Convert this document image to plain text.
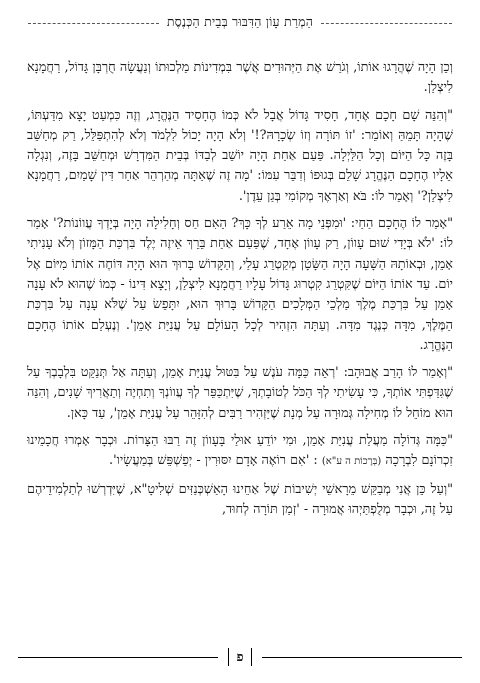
הַמְרַת עָוֹן הַדִּבּוּר בְּבֵית הַכְּנֶסֶת

וְכֵן הָיָה שֶׁהֲרָגוּ אוֹתוֹ, וְגֹרַשׁ אֶת הַיְּהוּדִים אֲשֶׁר בִּמְדִינוֹת מַלְכוּתוֹ וְנַעֲשָׂה חֻרְבָּן גָּדוֹל, רַחֲמָנָא לִיצְלַן.

"וְהִנֵּה שָׁם חָכָם אֶחָד, חָסִיד גָּדוֹל אֲבָל לֹא כְּמוֹ הֶחָסִיד הַנֶּהֱרָג, וְזֶה כִּמְעַט יָצָא מִדַּעְתּוֹ, שֶׁהָיָה תָּמֵהַּ וְאוֹמֵר: 'זוֹ תּוֹרָה וְזוֹ שְׂכָרָהּ?!' וְלֹא הָיָה יָכוֹל לִלְמֹד וְלֹא לְהִתְפַּלֵּל, רַק מְחַשֵּׁב בָּזֶה כָּל הַיּוֹם וְכָל הַלַּיְלָה. פַּעַם אַחַת הָיָה יוֹשֵׁב לְבַדּוֹ בְּבֵית הַמִּדְרָשׁ וּמְחַשֵּׁב בָּזֶה, וְנִגְלָה אֵלָיו הֶחָכָם הַנֶּהֱרָג שָׁלֵם בְּגוּפוֹ וְדִבֵּר עִמּוֹ: 'מָה זֶה שֶׁאַתָּה מְהַרְהֵר אַחַר דִּין שָׁמַיִם, רַחֲמָנָא לִיצְלַן?' וְאָמַר לוֹ: בֹּא וְאַרְאֶךָ מְקוֹמִי בְּגַן עֵדֶן'.

"אָמַר לוֹ הֶחָכָם הַחַי: 'וּמִפְּנֵי מָה אֵרַע לְךָ כָּךְ? הַאִם חַס וְחָלִילָה הָיָה בְּיָדְךָ עֲווֹנוֹת?' אָמַר לוֹ: 'לֹא בְּיָדִי שׁוּם עָווֹן, רַק עָווֹן אֶחָד, שֶׁפַּעַם אַחַת בֵּרֵךְ אֵיזֶה יֶלֶד בִּרְכַּת הַמָּזוֹן וְלֹא עָנִיתִי אָמֵן, וּבְאוֹתָהּ הַשָּׁעָה הָיָה הַשָּׂטָן מְקַטְרֵג עָלַי, וְהַקָּדוֹשׁ בָּרוּךְ הוּא הָיָה דּוֹחֶה אוֹתוֹ מִיּוֹם אֶל יוֹם. עַד אוֹתוֹ הַיּוֹם שֶׁקִּטְרֵג קִטְרוּג גָּדוֹל עָלָיו רַחֲמָנָא לִיצְלַן, וְיָצָא דִּינוֹ - כְּמוֹ שֶׁהוּא לֹא עָנָה אָמֵן עַל בִּרְכַּת מֶלֶךְ מַלְכֵי הַמְּלָכִים הַקָּדוֹשׁ בָּרוּךְ הוּא, יִתָּפֵשׂ עַל שֶׁלֹּא עָנָה עַל בִּרְכַּת הַמֶּלֶךְ, מִדָּה כְּנֶגֶד מִדָּה. וְעַתָּה הִזְהִיר לְכָל הָעוֹלָם עַל עֲנִיַּת אָמֵן'. וְנֶעְלַם אוֹתוֹ הֶחָכָם הַנֶּהֱרָג.

"וְאָמַר לוֹ הָרַב אֲבוּהָב: 'רְאֵה כַּמָּה עֹנֶשׁ עַל בִּטּוּל עֲנִיַּת אָמֵן, וְעַתָּה אַל תְּנַקֵּט בִּלְבָבְךָ עַל שֶׁגִּדַּפְתִּי אוֹתְךָ, כִּי עָשִׂיתִי לְךָ הַכֹּל לְטוֹבָתְךָ, שֶׁיִּתְכַּפֵּר לְךָ עֲווֹנְךָ וְתִחְיֶה וְתַאֲרִיךְ שָׁנִים, וְהִנֵּה הוּא מוֹחֵל לוֹ מְחִילָה גְּמוּרָה עַל מְנָת שֶׁיַּזְהִיר רַבִּים לְהִזָּהֵר עַל עֲנִיַּת אָמֵן', עַד כָּאן.

"כַּמָּה גְּדוֹלָה מַעֲלַת עֲנִיַּת אָמֵן, וּמִי יוֹדֵעַ אוּלַי בָּעָווֹן זֶה רַבּוּ הַצָּרוֹת. וּכְבָר אָמְרוּ חֲכָמֵינוּ זִכְרוֹנָם לִבְרָכָה (בְּרָכוֹת ה ע"א) : 'אִם רוֹאֶה אָדָם יִסּוּרִין - יְפַשְׁפֵּשׁ בְּמַעֲשָׂיו'.

"וְעַל כֵּן אֲנִי מְבַקֵּשׁ מֵרָאשֵׁי יְשִׁיבוֹת שֶׁל אַחֵינוּ הָאַשְׁכְּנַזִּים שְׁלִיטָ"א, שֶׁיִּדְרְשׁוּ לְתַלְמִידֵיהֶם עַל זֶה, וּכְבָר מְלֻפְתַּיְהוּ אֲמוּרָה - 'זְמַן תּוֹרָה לְחוּד,

פ
